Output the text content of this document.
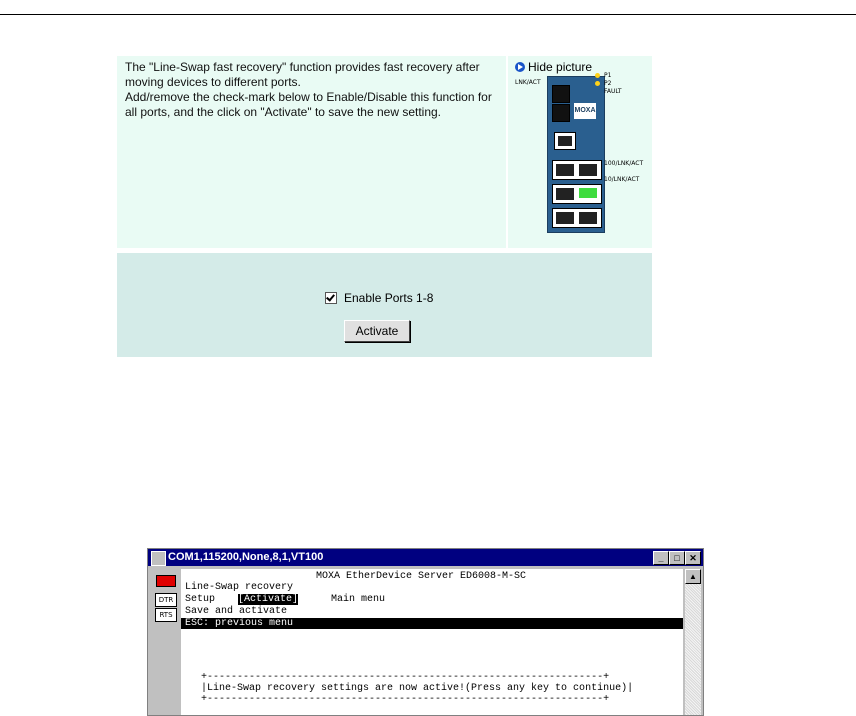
The "Line-Swap fast recovery" function provides fast recovery after moving devices to different ports.

Add/remove the check-mark below to Enable/Disable this function for all ports, and the click on "Activate" to save the new setting.

Hide picture
LNK/ACT
MOXA
P1
P2
FAULT
100/LNK/ACT
10/LNK/ACT
Enable Ports 1-8
Activate
COM1,115200,None,8,1,VT100	_	□	✕
DTR
RTS
MOXA EtherDevice Server ED6008-M-SC
Line-Swap recovery
Setup [Activate]	Main menu
Save and activate
ESC: previous menu
+------------------------------------------------------------------+
|Line-Swap recovery settings are now active!(Press any key to continue)|
+------------------------------------------------------------------+
▲
